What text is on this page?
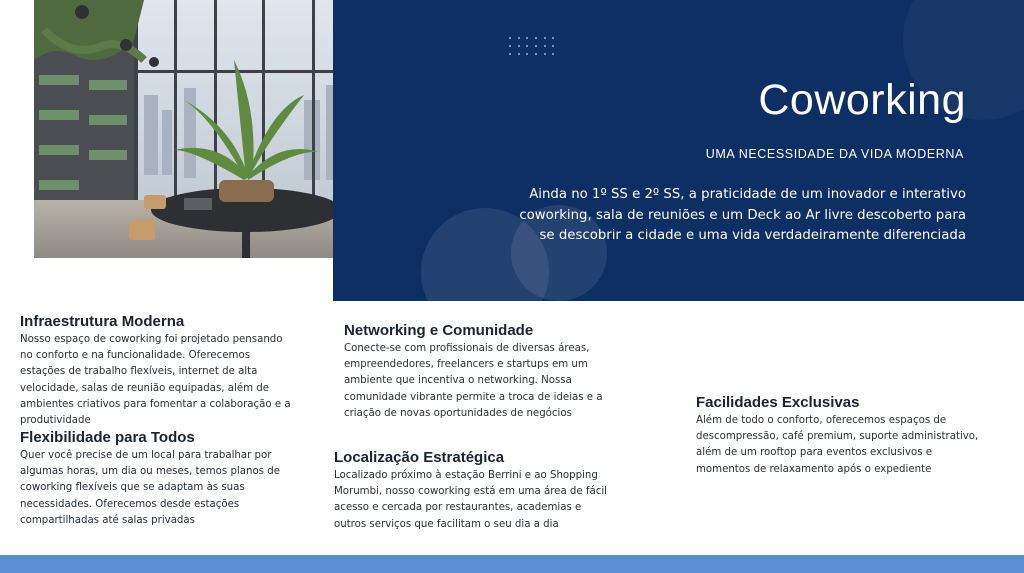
Coworking
UMA NECESSIDADE DA VIDA MODERNA
Ainda no 1º SS e 2º SS, a praticidade de um inovador e interativo coworking, sala de reuniões e um Deck ao Ar livre descoberto para se descobrir a cidade e uma vida verdadeiramente diferenciada
Infraestrutura Moderna

Nosso espaço de coworking foi projetado pensando no conforto e na funcionalidade. Oferecemos estações de trabalho flexíveis, internet de alta velocidade, salas de reunião equipadas, além de ambientes criativos para fomentar a colaboração e a produtividade

Flexibilidade para Todos

Quer você precise de um local para trabalhar por algumas horas, um dia ou meses, temos planos de coworking flexíveis que se adaptam às suas necessidades. Oferecemos desde estações compartilhadas até salas privadas

Networking e Comunidade

Conecte-se com profissionais de diversas áreas, empreendedores, freelancers e startups em um ambiente que incentiva o networking. Nossa comunidade vibrante permite a troca de ideias e a criação de novas oportunidades de negócios

Localização Estratégica

Localizado próximo à estação Berrini e ao Shopping Morumbi, nosso coworking está em uma área de fácil acesso e cercada por restaurantes, academias e outros serviços que facilitam o seu dia a dia

Facilidades Exclusivas

Além de todo o conforto, oferecemos espaços de descompressão, café premium, suporte administrativo, além de um rooftop para eventos exclusivos e momentos de relaxamento após o expediente
